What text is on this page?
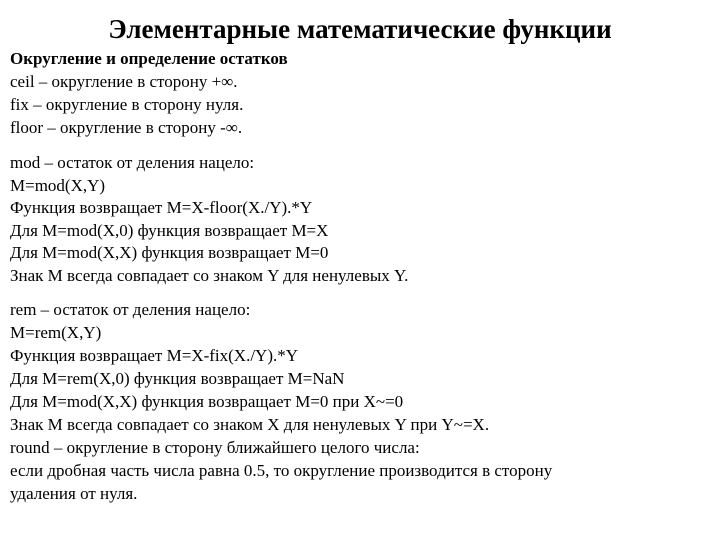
Элементарные математические функции
Округление и определение остатков
ceil – округление в сторону +∞.
fix – округление в сторону нуля.
floor – округление в сторону -∞.
mod – остаток от деления нацело:
M=mod(X,Y)
Функция возвращает M=X-floor(X./Y).*Y
Для M=mod(X,0) функция возвращает M=X
Для M=mod(X,X) функция возвращает M=0
Знак M всегда совпадает со знаком Y для ненулевых Y.
rem – остаток от деления нацело:
M=rem(X,Y)
Функция возвращает M=X-fix(X./Y).*Y
Для M=rem(X,0) функция возвращает M=NaN
Для M=mod(X,X) функция возвращает M=0 при X~=0
Знак M всегда совпадает со знаком X для ненулевых Y при Y~=X.
round – округление в сторону ближайшего целого числа:
если дробная часть числа равна 0.5, то округление производится в сторону
удаления от нуля.
